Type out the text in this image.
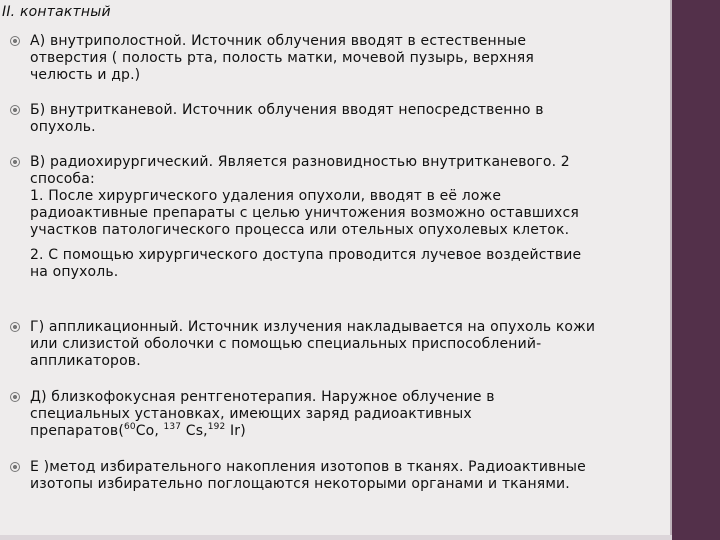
II. контактный
А) внутриполостной. Источник облучения вводят в естественные
отверстия ( полость рта, полость матки, мочевой пузырь, верхняя
челюсть и др.)
Б) внутритканевой. Источник облучения вводят непосредственно в
опухоль.
В) радиохирургический. Является разновидностью внутритканевого. 2
способа:
1. После хирургического удаления опухоли, вводят в её ложе
радиоактивные препараты с целью уничтожения возможно оставшихся
участков патологического процесса или отельных опухолевых клеток.
2. С помощью хирургического доступа проводится лучевое воздействие
на опухоль.
Г) аппликационный. Источник излучения накладывается на опухоль кожи
или слизистой оболочки с помощью специальных приспособлений-
аппликаторов.
Д) близкофокусная рентгенотерапия. Наружное облучение в
специальных установках, имеющих заряд радиоактивных
препаратов($^{60}$Co, $^{137}$ Cs,$^{192}$ Ir)
Е )метод избирательного накопления изотопов в тканях. Радиоактивные
изотопы избирательно поглощаются некоторыми органами и тканями.
